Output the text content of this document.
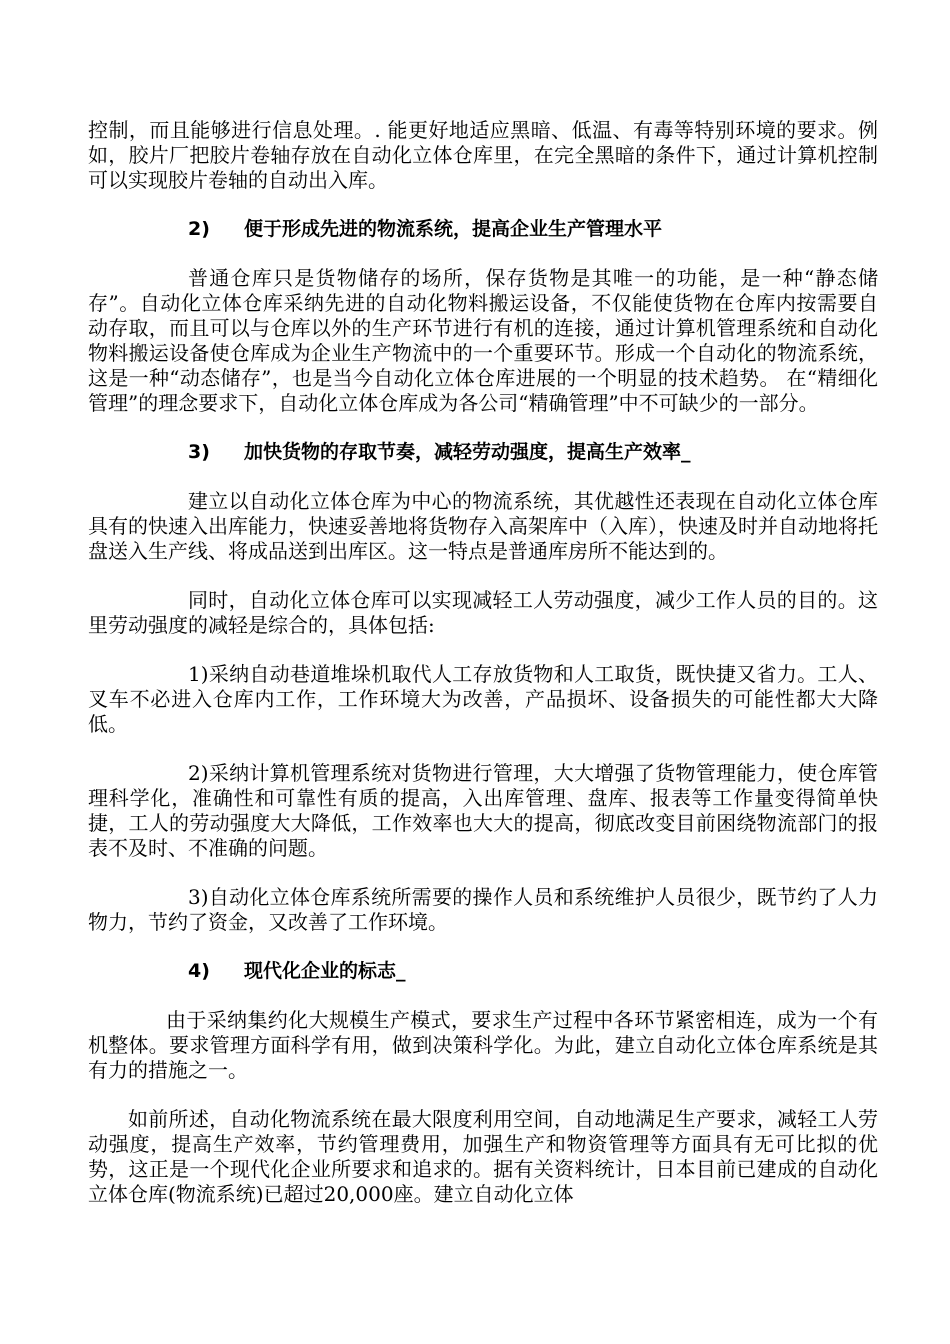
控制，而且能够进行信息处理。. 能更好地适应黑暗、低温、有毒等特别环境的要求。例如，胶片厂把胶片卷轴存放在自动化立体仓库里，在完全黑暗的条件下，通过计算机控制可以实现胶片卷轴的自动出入库。

2) 便于形成先进的物流系统，提高企业生产管理水平

普通仓库只是货物储存的场所，保存货物是其唯一的功能，是一种“静态储存”。自动化立体仓库采纳先进的自动化物料搬运设备，不仅能使货物在仓库内按需要自动存取，而且可以与仓库以外的生产环节进行有机的连接，通过计算机管理系统和自动化物料搬运设备使仓库成为企业生产物流中的一个重要环节。形成一个自动化的物流系统，这是一种“动态储存”，也是当今自动化立体仓库进展的一个明显的技术趋势。 在“精细化管理”的理念要求下，自动化立体仓库成为各公司“精确管理”中不可缺少的一部分。

3) 加快货物的存取节奏，减轻劳动强度，提高生产效率_

建立以自动化立体仓库为中心的物流系统，其优越性还表现在自动化立体仓库具有的快速入出库能力，快速妥善地将货物存入高架库中（入库），快速及时并自动地将托盘送入生产线、将成品送到出库区。这一特点是普通库房所不能达到的。

同时，自动化立体仓库可以实现减轻工人劳动强度，减少工作人员的目的。这里劳动强度的减轻是综合的，具体包括:

1)采纳自动巷道堆垛机取代人工存放货物和人工取货，既快捷又省力。工人、叉车不必进入仓库内工作，工作环境大为改善，产品损坏、设备损失的可能性都大大降低。

2)采纳计算机管理系统对货物进行管理，大大增强了货物管理能力，使仓库管理科学化，准确性和可靠性有质的提高，入出库管理、盘库、报表等工作量变得简单快捷，工人的劳动强度大大降低，工作效率也大大的提高，彻底改变目前困绕物流部门的报表不及时、不准确的问题。

3)自动化立体仓库系统所需要的操作人员和系统维护人员很少，既节约了人力物力，节约了资金，又改善了工作环境。

4) 现代化企业的标志_

由于采纳集约化大规模生产模式，要求生产过程中各环节紧密相连，成为一个有机整体。要求管理方面科学有用，做到决策科学化。为此，建立自动化立体仓库系统是其有力的措施之一。

如前所述，自动化物流系统在最大限度利用空间，自动地满足生产要求，减轻工人劳动强度，提高生产效率，节约管理费用，加强生产和物资管理等方面具有无可比拟的优势，这正是一个现代化企业所要求和追求的。据有关资料统计，日本目前已建成的自动化立体仓库(物流系统)已超过20,000座。建立自动化立体
